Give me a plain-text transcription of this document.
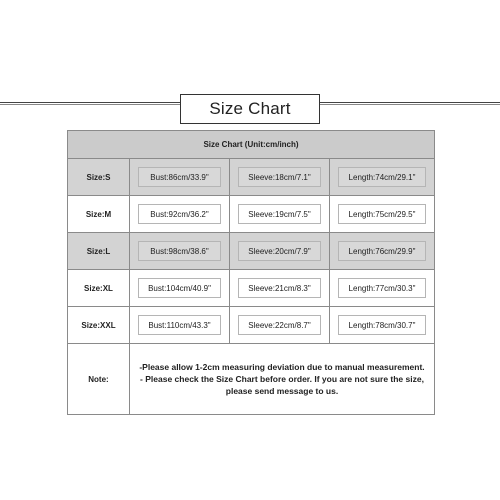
Size Chart
Size Chart (Unit:cm/inch)			
Size:S	Bust:86cm/33.9"	Sleeve:18cm/7.1"	Length:74cm/29.1"

Size:M	Bust:92cm/36.2"	Sleeve:19cm/7.5"	Length:75cm/29.5"

Size:L	Bust:98cm/38.6"	Sleeve:20cm/7.9"	Length:76cm/29.9"

Size:XL	Bust:104cm/40.9"	Sleeve:21cm/8.3"	Length:77cm/30.3"

Size:XXL	Bust:110cm/43.3"	Sleeve:22cm/8.7"	Length:78cm/30.7"

Note:	-Please allow 1-2cm measuring deviation due to manual measurement.
- Please check the Size Chart before order. If you are not sure the size, please send message to us.		
